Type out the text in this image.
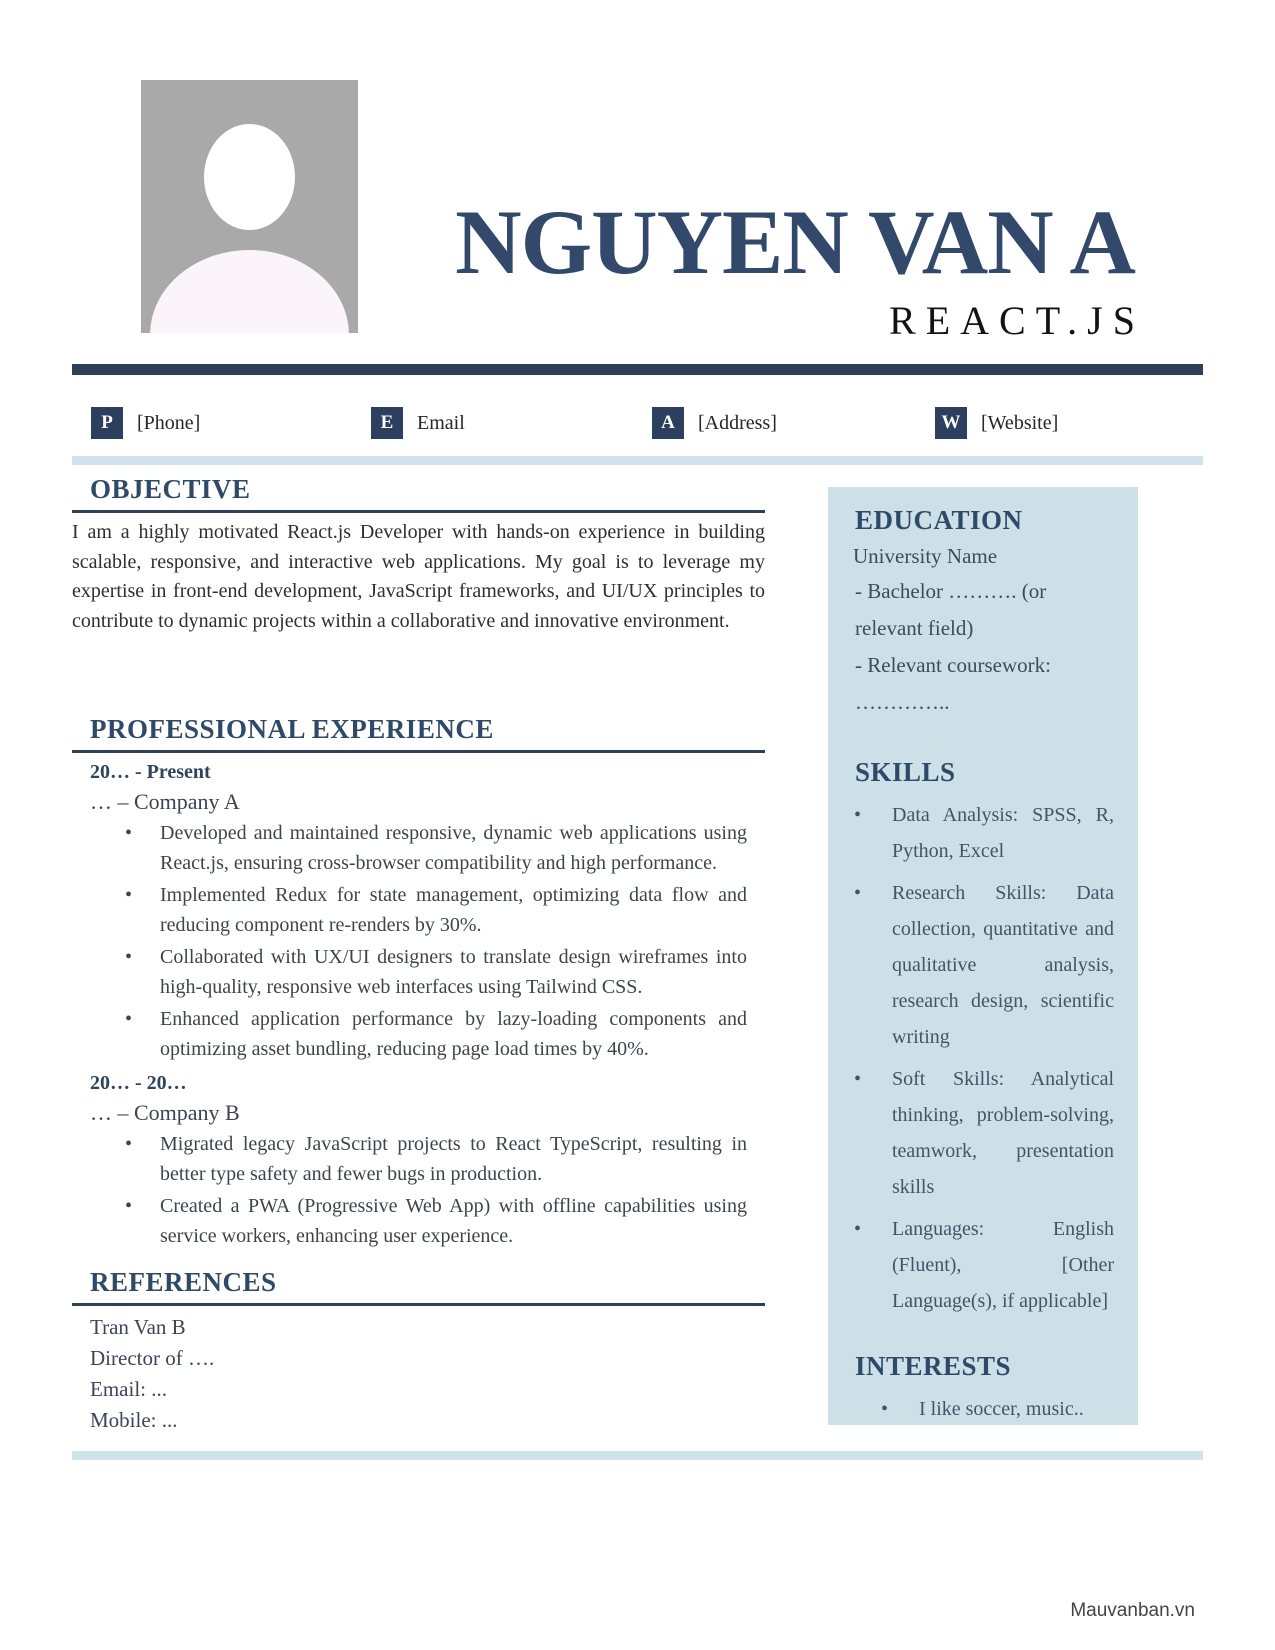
NGUYEN VAN A
REACT.JS
P	[Phone]	E	Email	A	[Address]	W	[Website]
OBJECTIVE

I am a highly motivated React.js Developer with hands-on experience in building scalable, responsive, and interactive web applications. My goal is to leverage my expertise in front-end development, JavaScript frameworks, and UI/UX principles to contribute to dynamic projects within a collaborative and innovative environment.

PROFESSIONAL EXPERIENCE

20… - Present

… – Company A

• Developed and maintained responsive, dynamic web applications using React.js, ensuring cross-browser compatibility and high performance.
• Implemented Redux for state management, optimizing data flow and reducing component re-renders by 30%.
• Collaborated with UX/UI designers to translate design wireframes into high-quality, responsive web interfaces using Tailwind CSS.
• Enhanced application performance by lazy-loading components and optimizing asset bundling, reducing page load times by 40%.

20… - 20…

… – Company B

• Migrated legacy JavaScript projects to React TypeScript, resulting in better type safety and fewer bugs in production.
• Created a PWA (Progressive Web App) with offline capabilities using service workers, enhancing user experience.
REFERENCES
Tran Van B
Director of ….
Email: ...
Mobile: ...
EDUCATION
University Name
- Bachelor ………. (or relevant field)
- Relevant coursework: …………..
SKILLS
• Data Analysis: SPSS, R, Python, Excel
• Research Skills: Data collection, quantitative and qualitative analysis, research design, scientific writing
• Soft Skills: Analytical thinking, problem-solving, teamwork, presentation skills
• Languages: English (Fluent), [Other Language(s), if applicable]
INTERESTS
• I like soccer, music..
Mauvanban.vn
